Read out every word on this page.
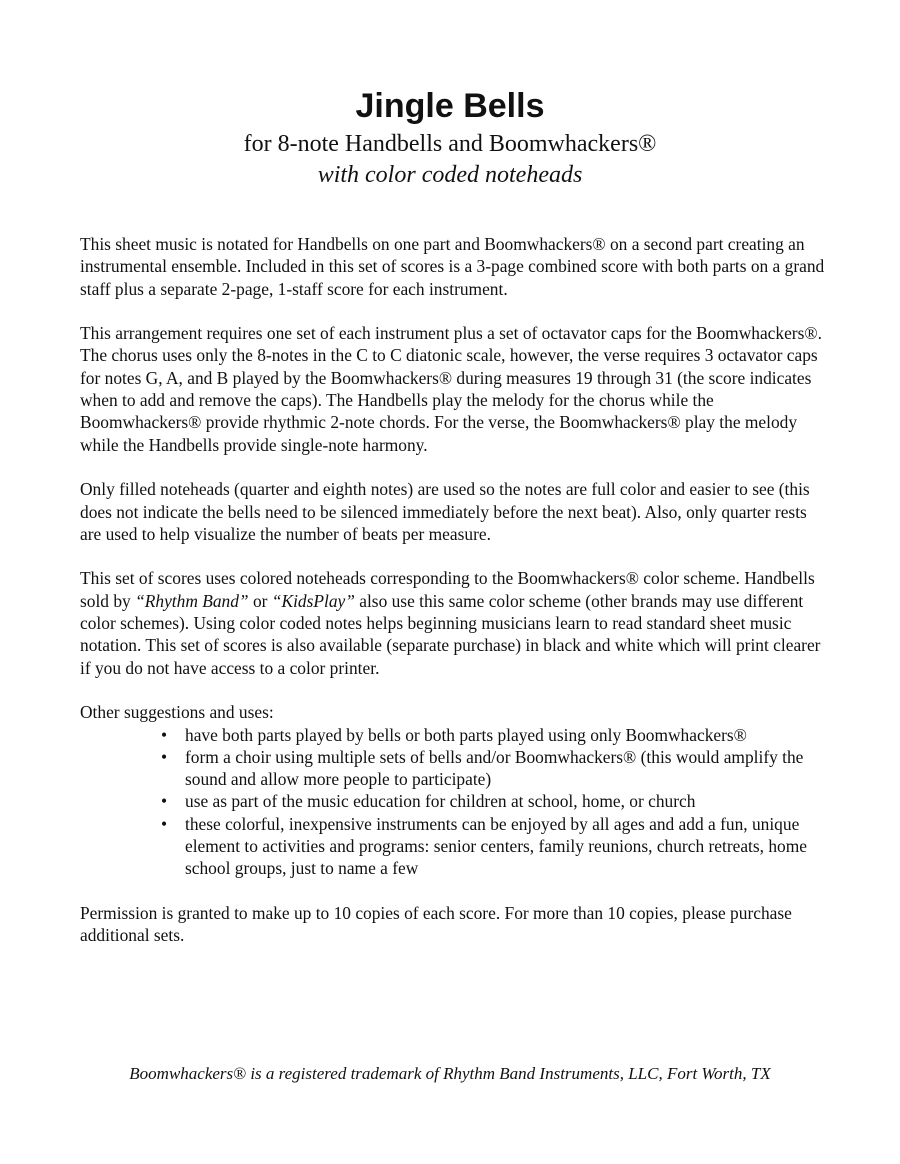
Jingle Bells
for 8-note Handbells and Boomwhackers®
with color coded noteheads

This sheet music is notated for Handbells on one part and Boomwhackers® on a second part creating an instrumental ensemble. Included in this set of scores is a 3-page combined score with both parts on a grand staff plus a separate 2-page, 1-staff score for each instrument.

This arrangement requires one set of each instrument plus a set of octavator caps for the Boomwhackers®. The chorus uses only the 8-notes in the C to C diatonic scale, however, the verse requires 3 octavator caps for notes G, A, and B played by the Boomwhackers® during measures 19 through 31 (the score indicates when to add and remove the caps). The Handbells play the melody for the chorus while the Boomwhackers® provide rhythmic 2-note chords. For the verse, the Boomwhackers® play the melody while the Handbells provide single-note harmony.

Only filled noteheads (quarter and eighth notes) are used so the notes are full color and easier to see (this does not indicate the bells need to be silenced immediately before the next beat). Also, only quarter rests are used to help visualize the number of beats per measure.

This set of scores uses colored noteheads corresponding to the Boomwhackers® color scheme. Handbells sold by “Rhythm Band” or “KidsPlay” also use this same color scheme (other brands may use different color schemes). Using color coded notes helps beginning musicians learn to read standard sheet music notation. This set of scores is also available (separate purchase) in black and white which will print clearer if you do not have access to a color printer.

Other suggestions and uses:

• have both parts played by bells or both parts played using only Boomwhackers®
• form a choir using multiple sets of bells and/or Boomwhackers® (this would amplify the sound and allow more people to participate)
• use as part of the music education for children at school, home, or church
• these colorful, inexpensive instruments can be enjoyed by all ages and add a fun, unique element to activities and programs: senior centers, family reunions, church retreats, home school groups, just to name a few

Permission is granted to make up to 10 copies of each score. For more than 10 copies, please purchase additional sets.

Boomwhackers® is a registered trademark of Rhythm Band Instruments, LLC, Fort Worth, TX
